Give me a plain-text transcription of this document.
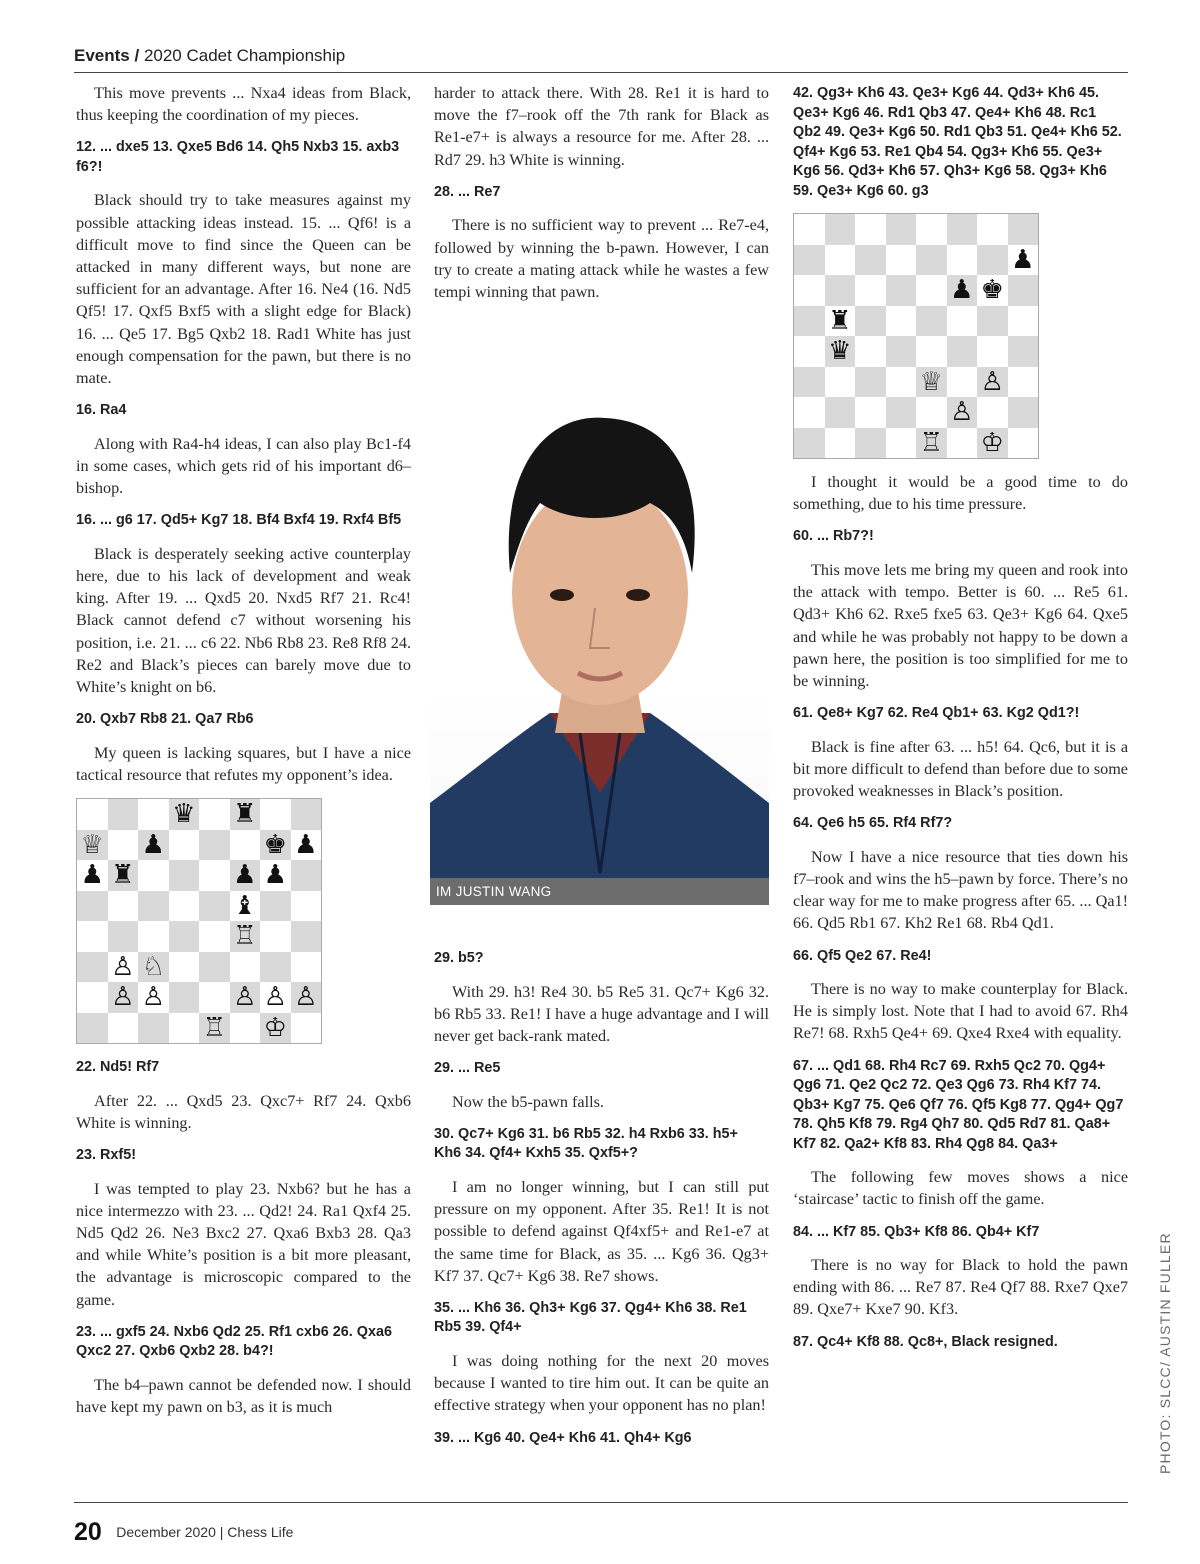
Events / 2020 Cadet Championship

This move prevents ... Nxa4 ideas from Black, thus keeping the coordination of my pieces.

12. ... dxe5 13. Qxe5 Bd6 14. Qh5 Nxb3 15. axb3 f6?!

Black should try to take measures against my possible attacking ideas instead. 15. ... Qf6! is a difficult move to find since the Queen can be attacked in many different ways, but none are sufficient for an advantage. After 16. Ne4 (16. Nd5 Qf5! 17. Qxf5 Bxf5 with a slight edge for Black) 16. ... Qe5 17. Bg5 Qxb2 18. Rad1 White has just enough compensation for the pawn, but there is no mate.

16. Ra4

Along with Ra4-h4 ideas, I can also play Bc1-f4 in some cases, which gets rid of his important d6–bishop.

16. ... g6 17. Qd5+ Kg7 18. Bf4 Bxf4 19. Rxf4 Bf5

Black is desperately seeking active counterplay here, due to his lack of development and weak king. After 19. ... Qxd5 20. Nxd5 Rf7 21. Rc4! Black cannot defend c7 without worsening his position, i.e. 21. ... c6 22. Nb6 Rb8 23. Re8 Rf8 24. Re2 and Black’s pieces can barely move due to White’s knight on b6.

20. Qxb7 Rb8 21. Qa7 Rb6

My queen is lacking squares, but I have a nice tactical resource that refutes my opponent’s idea.

♛ ♜
♕ ♟	♚ ♟
♟ ♜	♟ ♟
♝
♖
♙ ♘
♙ ♙	♙ ♙ ♙
♖ ♔
22. Nd5! Rf7

After 22. ... Qxd5 23. Qxc7+ Rf7 24. Qxb6 White is winning.

23. Rxf5!

I was tempted to play 23. Nxb6? but he has a nice intermezzo with 23. ... Qd2! 24. Ra1 Qxf4 25. Nd5 Qd2 26. Ne3 Bxc2 27. Qxa6 Bxb3 28. Qa3 and while White’s position is a bit more pleasant, the advantage is microscopic compared to the game.

23. ... gxf5 24. Nxb6 Qd2 25. Rf1 cxb6 26. Qxa6 Qxc2 27. Qxb6 Qxb2 28. b4?!

The b4–pawn cannot be defended now. I should have kept my pawn on b3, as it is much

harder to attack there. With 28. Re1 it is hard to move the f7–rook off the 7th rank for Black as Re1-e7+ is always a resource for me. After 28. ... Rd7 29. h3 White is winning.

28. ... Re7

There is no sufficient way to prevent ... Re7-e4, followed by winning the b-pawn. However, I can try to create a mating attack while he wastes a few tempi winning that pawn.

IM JUSTIN WANG
29. b5?

With 29. h3! Re4 30. b5 Re5 31. Qc7+ Kg6 32. b6 Rb5 33. Re1! I have a huge advantage and I will never get back-rank mated.

29. ... Re5

Now the b5-pawn falls.

30. Qc7+ Kg6 31. b6 Rb5 32. h4 Rxb6 33. h5+ Kh6 34. Qf4+ Kxh5 35. Qxf5+?

I am no longer winning, but I can still put pressure on my opponent. After 35. Re1! It is not possible to defend against Qf4xf5+ and Re1-e7 at the same time for Black, as 35. ... Kg6 36. Qg3+ Kf7 37. Qc7+ Kg6 38. Re7 shows.

35. ... Kh6 36. Qh3+ Kg6 37. Qg4+ Kh6 38. Re1 Rb5 39. Qf4+

I was doing nothing for the next 20 moves because I wanted to tire him out. It can be quite an effective strategy when your opponent has no plan!

39. ... Kg6 40. Qe4+ Kh6 41. Qh4+ Kg6
42. Qg3+ Kh6 43. Qe3+ Kg6 44. Qd3+ Kh6 45. Qe3+ Kg6 46. Rd1 Qb3 47. Qe4+ Kh6 48. Rc1 Qb2 49. Qe3+ Kg6 50. Rd1 Qb3 51. Qe4+ Kh6 52. Qf4+ Kg6 53. Re1 Qb4 54. Qg3+ Kh6 55. Qe3+ Kg6 56. Qd3+ Kh6 57. Qh3+ Kg6 58. Qg3+ Kh6 59. Qe3+ Kg6 60. g3
♟
♟ ♚
♜
♛
♕ ♙
♙
♖ ♔

I thought it would be a good time to do something, due to his time pressure.

60. ... Rb7?!

This move lets me bring my queen and rook into the attack with tempo. Better is 60. ... Re5 61. Qd3+ Kh6 62. Rxe5 fxe5 63. Qe3+ Kg6 64. Qxe5 and while he was probably not happy to be down a pawn here, the position is too simplified for me to be winning.

61. Qe8+ Kg7 62. Re4 Qb1+ 63. Kg2 Qd1?!

Black is fine after 63. ... h5! 64. Qc6, but it is a bit more difficult to defend than before due to some provoked weaknesses in Black’s position.

64. Qe6 h5 65. Rf4 Rf7?

Now I have a nice resource that ties down his f7–rook and wins the h5–pawn by force. There’s no clear way for me to make progress after 65. ... Qa1! 66. Qd5 Rb1 67. Kh2 Re1 68. Rb4 Qd1.

66. Qf5 Qe2 67. Re4!

There is no way to make counterplay for Black. He is simply lost. Note that I had to avoid 67. Rh4 Re7! 68. Rxh5 Qe4+ 69. Qxe4 Rxe4 with equality.

67. ... Qd1 68. Rh4 Rc7 69. Rxh5 Qc2 70. Qg4+ Qg6 71. Qe2 Qc2 72. Qe3 Qg6 73. Rh4 Kf7 74. Qb3+ Kg7 75. Qe6 Qf7 76. Qf5 Kg8 77. Qg4+ Qg7 78. Qh5 Kf8 79. Rg4 Qh7 80. Qd5 Rd7 81. Qa8+ Kf7 82. Qa2+ Kf8 83. Rh4 Qg8 84. Qa3+

The following few moves shows a nice ‘staircase’ tactic to finish off the game.

84. ... Kf7 85. Qb3+ Kf8 86. Qb4+ Kf7

There is no way for Black to hold the pawn ending with 86. ... Re7 87. Re4 Qf7 88. Rxe7 Qxe7 89. Qxe7+ Kxe7 90. Kf3.

87. Qc4+ Kf8 88. Qc8+, Black resigned.	PHOTO: SLCC/ AUSTIN FULLER
20 December 2020 | Chess Life
